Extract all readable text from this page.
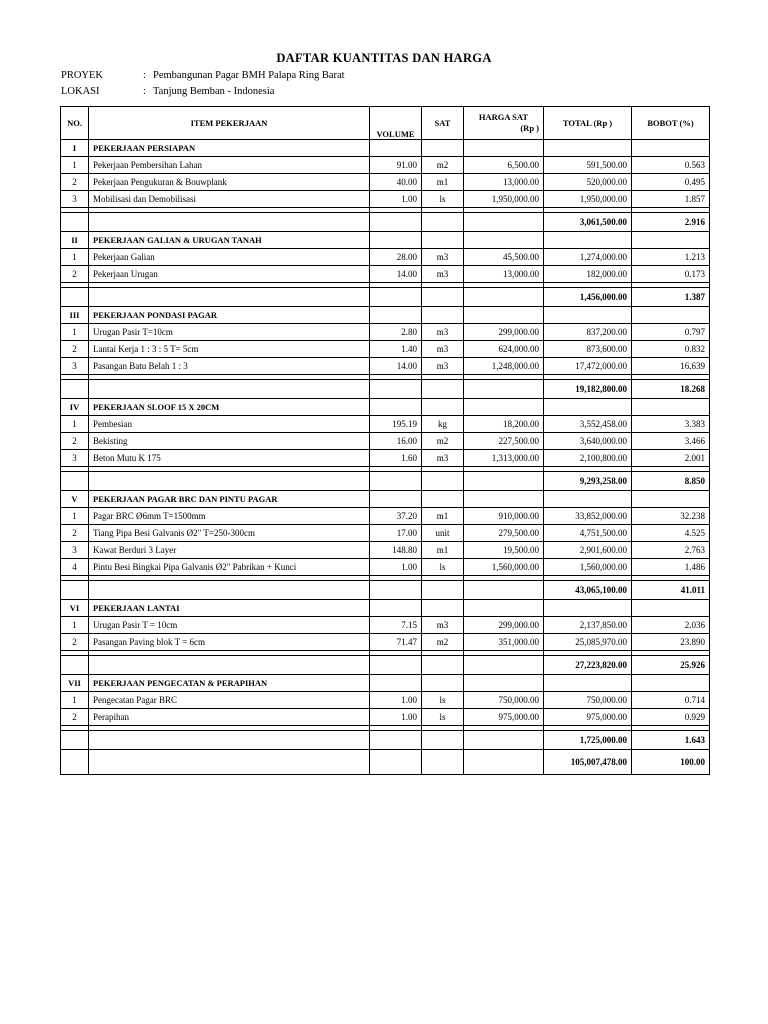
DAFTAR KUANTITAS DAN HARGA
PROYEK	: Pembangunan Pagar BMH Palapa Ring Barat
LOKASI	: Tanjung Bemban - Indonesia
NO.	ITEM PEKERJAAN	VOLUME	SAT	HARGA SAT
(Rp )	TOTAL (Rp )	BOBOT (%)
I	PEKERJAAN PERSIAPAN					
1	Pekerjaan Pembersihan Lahan	91.00	m2	6,500.00	591,500.00	0.563
2	Pekerjaan Pengukuran & Bouwplank	40.00	m1	13,000.00	520,000.00	0.495
3	Mobilisasi dan Demobilisasi	1.00	ls	1,950,000.00	1,950,000.00	1.857

					3,061,500.00	2.916
II	PEKERJAAN GALIAN & URUGAN TANAH					
1	Pekerjaan Galian	28.00	m3	45,500.00	1,274,000.00	1.213
2	Pekerjaan Urugan	14.00	m3	13,000.00	182,000.00	0.173

					1,456,000.00	1.387
III	PEKERJAAN PONDASI PAGAR					
1	Urugan Pasir T=10cm	2.80	m3	299,000.00	837,200.00	0.797
2	Lantai Kerja 1 : 3 : 5 T= 5cm	1.40	m3	624,000.00	873,600.00	0.832
3	Pasangan Batu Belah 1 : 3	14.00	m3	1,248,000.00	17,472,000.00	16.639

					19,182,800.00	18.268
IV	PEKERJAAN SLOOF 15 X 20CM					
1	Pembesian	195.19	kg	18,200.00	3,552,458.00	3.383
2	Bekisting	16.00	m2	227,500.00	3,640,000.00	3.466
3	Beton Mutu K 175	1.60	m3	1,313,000.00	2,100,800.00	2.001

					9,293,258.00	8.850
V	PEKERJAAN PAGAR BRC DAN PINTU PAGAR					
1	Pagar BRC Ø6mm T=1500mm	37.20	m1	910,000.00	33,852,000.00	32.238
2	Tiang Pipa Besi Galvanis Ø2" T=250-300cm	17.00	unit	279,500.00	4,751,500.00	4.525
3	Kawat Berduri 3 Layer	148.80	m1	19,500.00	2,901,600.00	2.763
4	Pintu Besi Bingkai Pipa Galvanis Ø2" Pabrikan + Kunci	1.00	ls	1,560,000.00	1,560,000.00	1.486

					43,065,100.00	41.011
VI	PEKERJAAN LANTAI					
1	Urugan Pasir T = 10cm	7.15	m3	299,000.00	2,137,850.00	2.036
2	Pasangan Paving blok T = 6cm	71.47	m2	351,000.00	25,085,970.00	23.890

					27,223,820.00	25.926
VII	PEKERJAAN PENGECATAN & PERAPIHAN					
1	Pengecatan Pagar BRC	1.00	ls	750,000.00	750,000.00	0.714
2	Perapihan	1.00	ls	975,000.00	975,000.00	0.929

					1,725,000.00	1.643
					105,007,478.00	100.00
